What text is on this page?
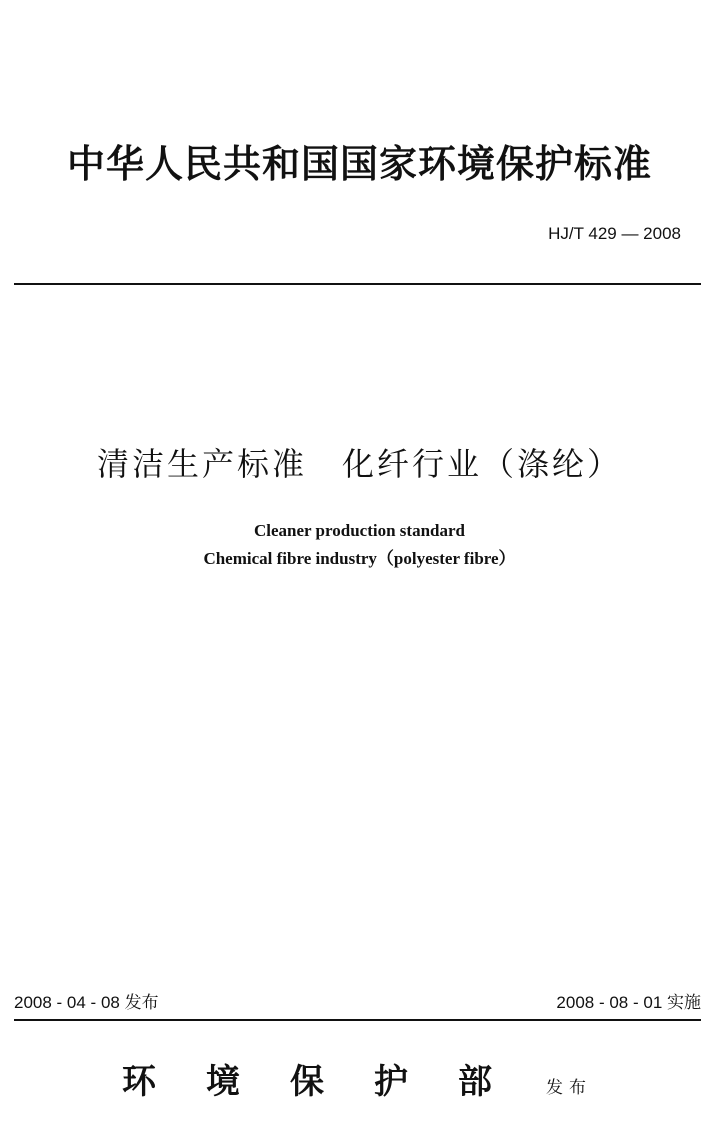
中华人民共和国国家环境保护标准
HJ/T 429 — 2008
清洁生产标准　化纤行业（涤纶）
Cleaner production standard
Chemical fibre industry（polyester fibre）
2008 - 04 - 08 发布	2008 - 08 - 01 实施
环境保护部 发布
